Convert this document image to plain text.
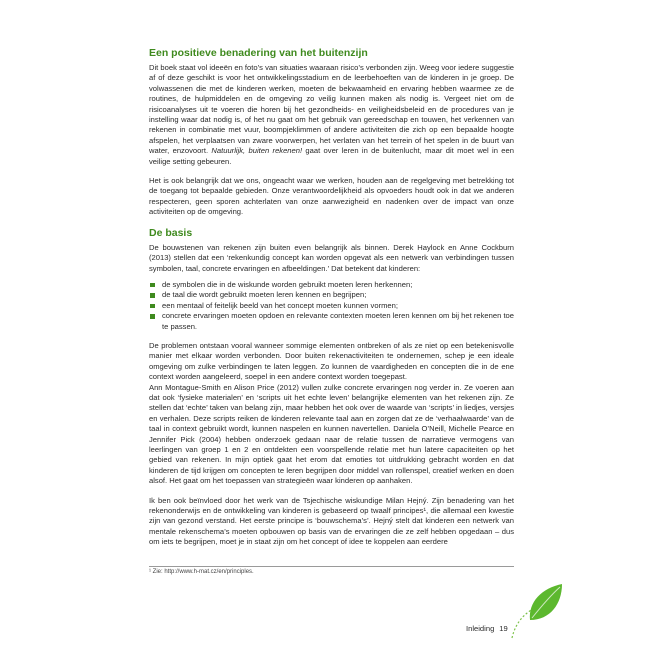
Een positieve benadering van het buitenzijn

Dit boek staat vol ideeën en foto’s van situaties waaraan risico’s verbonden zijn. Weeg voor iedere suggestie af of deze geschikt is voor het ontwikkelingsstadium en de leerbehoeften van de kinderen in je groep. De volwassenen die met de kinderen werken, moeten de bekwaamheid en ervaring hebben waarmee ze de routines, de hulpmiddelen en de omgeving zo veilig kunnen maken als nodig is. Vergeet niet om de risicoanalyses uit te voeren die horen bij het gezondheids- en veiligheidsbeleid en de procedures van je instelling waar dat nodig is, of het nu gaat om het gebruik van gereedschap en touwen, het verkennen van rekenen in combinatie met vuur, boompjeklimmen of andere activiteiten die zich op een bepaalde hoogte afspelen, het verplaatsen van zware voorwerpen, het verlaten van het terrein of het spelen in de buurt van water, enzovoort. Natuurlijk, buiten rekenen! gaat over leren in de buitenlucht, maar dit moet wel in een veilige setting gebeuren.

Het is ook belangrijk dat we ons, ongeacht waar we werken, houden aan de regelgeving met betrekking tot de toegang tot bepaalde gebieden. Onze verantwoordelijkheid als opvoeders houdt ook in dat we anderen respecteren, geen sporen achterlaten van onze aanwezigheid en nadenken over de impact van onze activiteiten op de omgeving.

De basis

De bouwstenen van rekenen zijn buiten even belangrijk als binnen. Derek Haylock en Anne Cockburn (2013) stellen dat een ‘rekenkundig concept kan worden opgevat als een netwerk van verbindingen tussen symbolen, taal, concrete ervaringen en afbeeldingen.’ Dat betekent dat kinderen:

de symbolen die in de wiskunde worden gebruikt moeten leren herkennen;
de taal die wordt gebruikt moeten leren kennen en begrijpen;
een mentaal of feitelijk beeld van het concept moeten kunnen vormen;
concrete ervaringen moeten opdoen en relevante contexten moeten leren kennen om bij het rekenen toe te passen.

De problemen ontstaan vooral wanneer sommige elementen ontbreken of als ze niet op een betekenisvolle manier met elkaar worden verbonden. Door buiten rekenactiviteiten te ondernemen, schep je een ideale omgeving om zulke verbindingen te laten leggen. Zo kunnen de vaardigheden en concepten die in de ene context worden aangeleerd, soepel in een andere context worden toegepast.

Ann Montague-Smith en Alison Price (2012) vullen zulke concrete ervaringen nog verder in. Ze voeren aan dat ook ‘fysieke materialen’ en ‘scripts uit het echte leven’ belangrijke elementen van het rekenen zijn. Ze stellen dat ‘echte’ taken van belang zijn, maar hebben het ook over de waarde van ‘scripts’ in liedjes, versjes en verhalen. Deze scripts reiken de kinderen relevante taal aan en zorgen dat ze de ‘verhaalwaarde’ van de taal in context gebruikt wordt, kunnen naspelen en kunnen navertellen. Daniela O’Neill, Michelle Pearce en Jennifer Pick (2004) hebben onderzoek gedaan naar de relatie tussen de narratieve vermogens van leerlingen van groep 1 en 2 en ontdekten een voorspellende relatie met hun latere capaciteiten op het gebied van rekenen. In mijn optiek gaat het erom dat emoties tot uitdrukking gebracht worden en dat kinderen de tijd krijgen om concepten te leren begrijpen door middel van rollenspel, creatief werken en doen alsof. Het gaat om het toepassen van strategieën waar kinderen op aanhaken.

Ik ben ook beïnvloed door het werk van de Tsjechische wiskundige Milan Hejný. Zijn benadering van het rekenonderwijs en de ontwikkeling van kinderen is gebaseerd op twaalf principes¹, die allemaal een kwestie zijn van gezond verstand. Het eerste principe is ‘bouwschema’s’. Hejný stelt dat kinderen een netwerk van mentale rekenschema’s moeten opbouwen op basis van de ervaringen die ze zelf hebben opgedaan – dus om iets te begrijpen, moet je in staat zijn om het concept of idee te koppelen aan eerdere

¹ Zie: http://www.h-mat.cz/en/principles.
Inleiding 19
